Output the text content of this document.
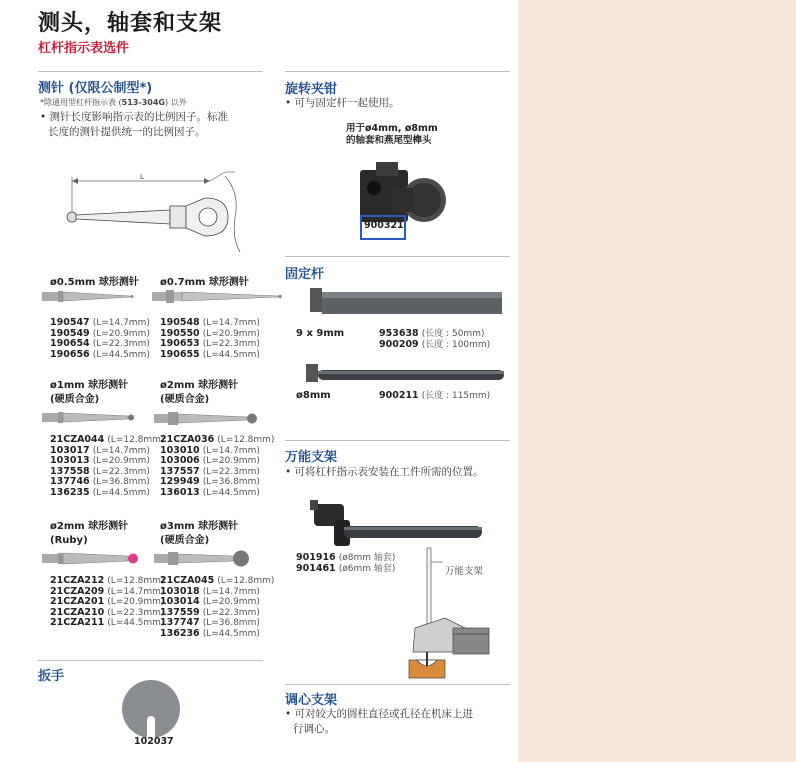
测头，轴套和支架
杠杆指示表选件
测针 (仅限公制型*)
*除通用型杠杆指示表 (513-304G) 以外
• 测针长度影响指示表的比例因子。标准
长度的测针提供统一的比例因子。
L
ø0.5mm 球形测针
190547 (L=14.7mm)
190549 (L=20.9mm)
190654 (L=22.3mm)
190656 (L=44.5mm)
ø0.7mm 球形测针
190548 (L=14.7mm)
190550 (L=20.9mm)
190653 (L=22.3mm)
190655 (L=44.5mm)
ø1mm 球形测针
(硬质合金)
21CZA044 (L=12.8mm)
103017 (L=14.7mm)
103013 (L=20.9mm)
137558 (L=22.3mm)
137746 (L=36.8mm)
136235 (L=44.5mm)
ø2mm 球形测针
(硬质合金)
21CZA036 (L=12.8mm)
103010 (L=14.7mm)
103006 (L=20.9mm)
137557 (L=22.3mm)
129949 (L=36.8mm)
136013 (L=44.5mm)
ø2mm 球形测针
(Ruby)
21CZA212 (L=12.8mm)
21CZA209 (L=14.7mm)
21CZA201 (L=20.9mm)
21CZA210 (L=22.3mm)
21CZA211 (L=44.5mm)
ø3mm 球形测针
(硬质合金)
21CZA045 (L=12.8mm)
103018 (L=14.7mm)
103014 (L=20.9mm)
137559 (L=22.3mm)
137747 (L=36.8mm)
136236 (L=44.5mm)
扳手
102037
旋转夹钳
• 可与固定杆一起使用。
用于ø4mm, ø8mm
的轴套和燕尾型榫头
900321
固定杆
9 x 9mm	953638 (长度 : 50mm)
900209 (长度 : 100mm)
ø8mm	900211 (长度 : 115mm)
万能支架
• 可将杠杆指示表安装在工件所需的位置。
901916 (ø8mm 轴套)
901461 (ø6mm 轴套)	万能支架
调心支架
• 可对较大的圆柱直径或孔径在机床上进
行调心。
